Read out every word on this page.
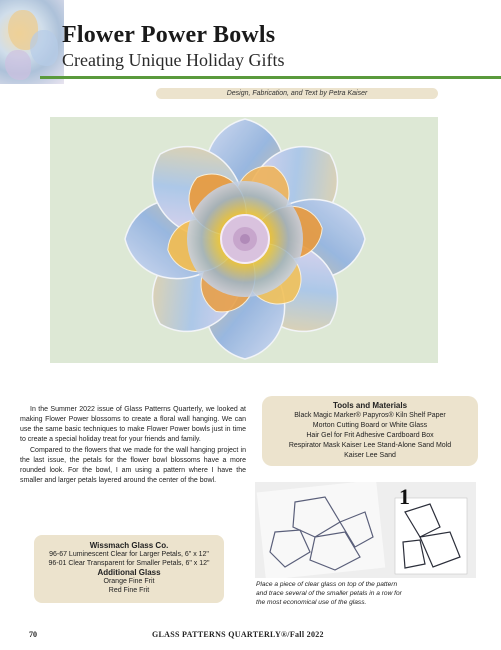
Flower Power Bowls
Creating Unique Holiday Gifts
Design, Fabrication, and Text by Petra Kaiser

In the Summer 2022 issue of Glass Patterns Quarterly, we looked at making Flower Power blossoms to create a floral wall hanging. We can use the same basic techniques to make Flower Power bowls just in time to create a special holiday treat for your friends and family.

Compared to the flowers that we made for the wall hanging project in the last issue, the petals for the flower bowl blossoms have a more rounded look. For the bowl, I am using a pattern where I have the smaller and larger petals layered around the center of the bowl.

Tools and Materials
Black Magic Marker® Papyros® Kiln Shelf Paper
Morton Cutting Board or White Glass
Hair Gel for Frit Adhesive Cardboard Box
Respirator Mask Kaiser Lee Stand-Alone Sand Mold
Kaiser Lee Sand
1
Place a piece of clear glass on top of the pattern and trace several of the smaller petals in a row for the most economical use of the glass.
Wissmach Glass Co.
96-67 Luminescent Clear for Larger Petals, 6" x 12"
96-01 Clear Transparent for Smaller Petals, 6" x 12"
Additional Glass
Orange Fine Frit
Red Fine Frit
70	GLASS PATTERNS QUARTERLY®/Fall 2022
